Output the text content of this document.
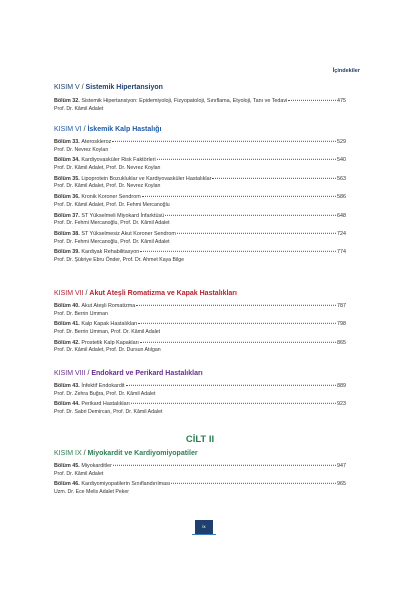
İçindekiler

KISIM V / Sistemik Hipertansiyon

Bölüm 32. Sistemik Hipertansiyon: Epidemiyoloji, Fizyopatoloji, Sınıflama, Etyoloji, Tanı ve Tedavi	475
Prof. Dr. Kâmil Adalet

KISIM VI / İskemik Kalp Hastalığı

Bölüm 33. Ateroskleroz	529
Prof. Dr. Nevrez Koylan
Bölüm 34. Kardiyovasküler Risk Faktörleri	540
Prof. Dr. Kâmil Adalet, Prof. Dr. Nevrez Koylan
Bölüm 35. Lipoprotein Bozukluklar ve Kardiyovasküler Hastalıklar	563
Prof. Dr. Kâmil Adalet, Prof. Dr. Nevrez Koylan
Bölüm 36. Kronik Koroner Sendrom	586
Prof. Dr. Kâmil Adalet, Prof. Dr. Fehmi Mercanoğlu
Bölüm 37. ST Yükselmeli Miyokard İnfarktüsü	648
Prof. Dr. Fehmi Mercanoğlu, Prof. Dr. Kâmil Adalet
Bölüm 38. ST Yükselmesiz Akut Koroner Sendrom	724
Prof. Dr. Fehmi Mercanoğlu, Prof. Dr. Kâmil Adalet
Bölüm 39. Kardiyak Rehabilitasyon	774
Prof. Dr. Şükriye Ebru Önder, Prof. Dr. Ahmet Kaya Bilge

KISIM VII / Akut Ateşli Romatizma ve Kapak Hastalıkları

Bölüm 40. Akut Ateşli Romatizma	787
Prof. Dr. Berrin Umman
Bölüm 41. Kalp Kapak Hastalıkları	798
Prof. Dr. Berrin Umman, Prof. Dr. Kâmil Adalet
Bölüm 42. Prostetik Kalp Kapakları	865
Prof. Dr. Kâmil Adalet, Prof. Dr. Dursun Atılgan

KISIM VIII / Endokard ve Perikard Hastalıkları

Bölüm 43. İnfektif Endokardit	889
Prof. Dr. Zehra Buğra, Prof. Dr. Kâmil Adalet
Bölüm 44. Perikard Hastalıkları	923
Prof. Dr. Sabri Demircan, Prof. Dr. Kâmil Adalet
CİLT II

KISIM IX / Miyokardit ve Kardiyomiyopatiler

Bölüm 45. Miyokarditler	947
Prof. Dr. Kâmil Adalet
Bölüm 46. Kardiyomiyopatilerin Sınıflandırılması	965
Uzm. Dr. Ece Melis Adalet Peker
ix
